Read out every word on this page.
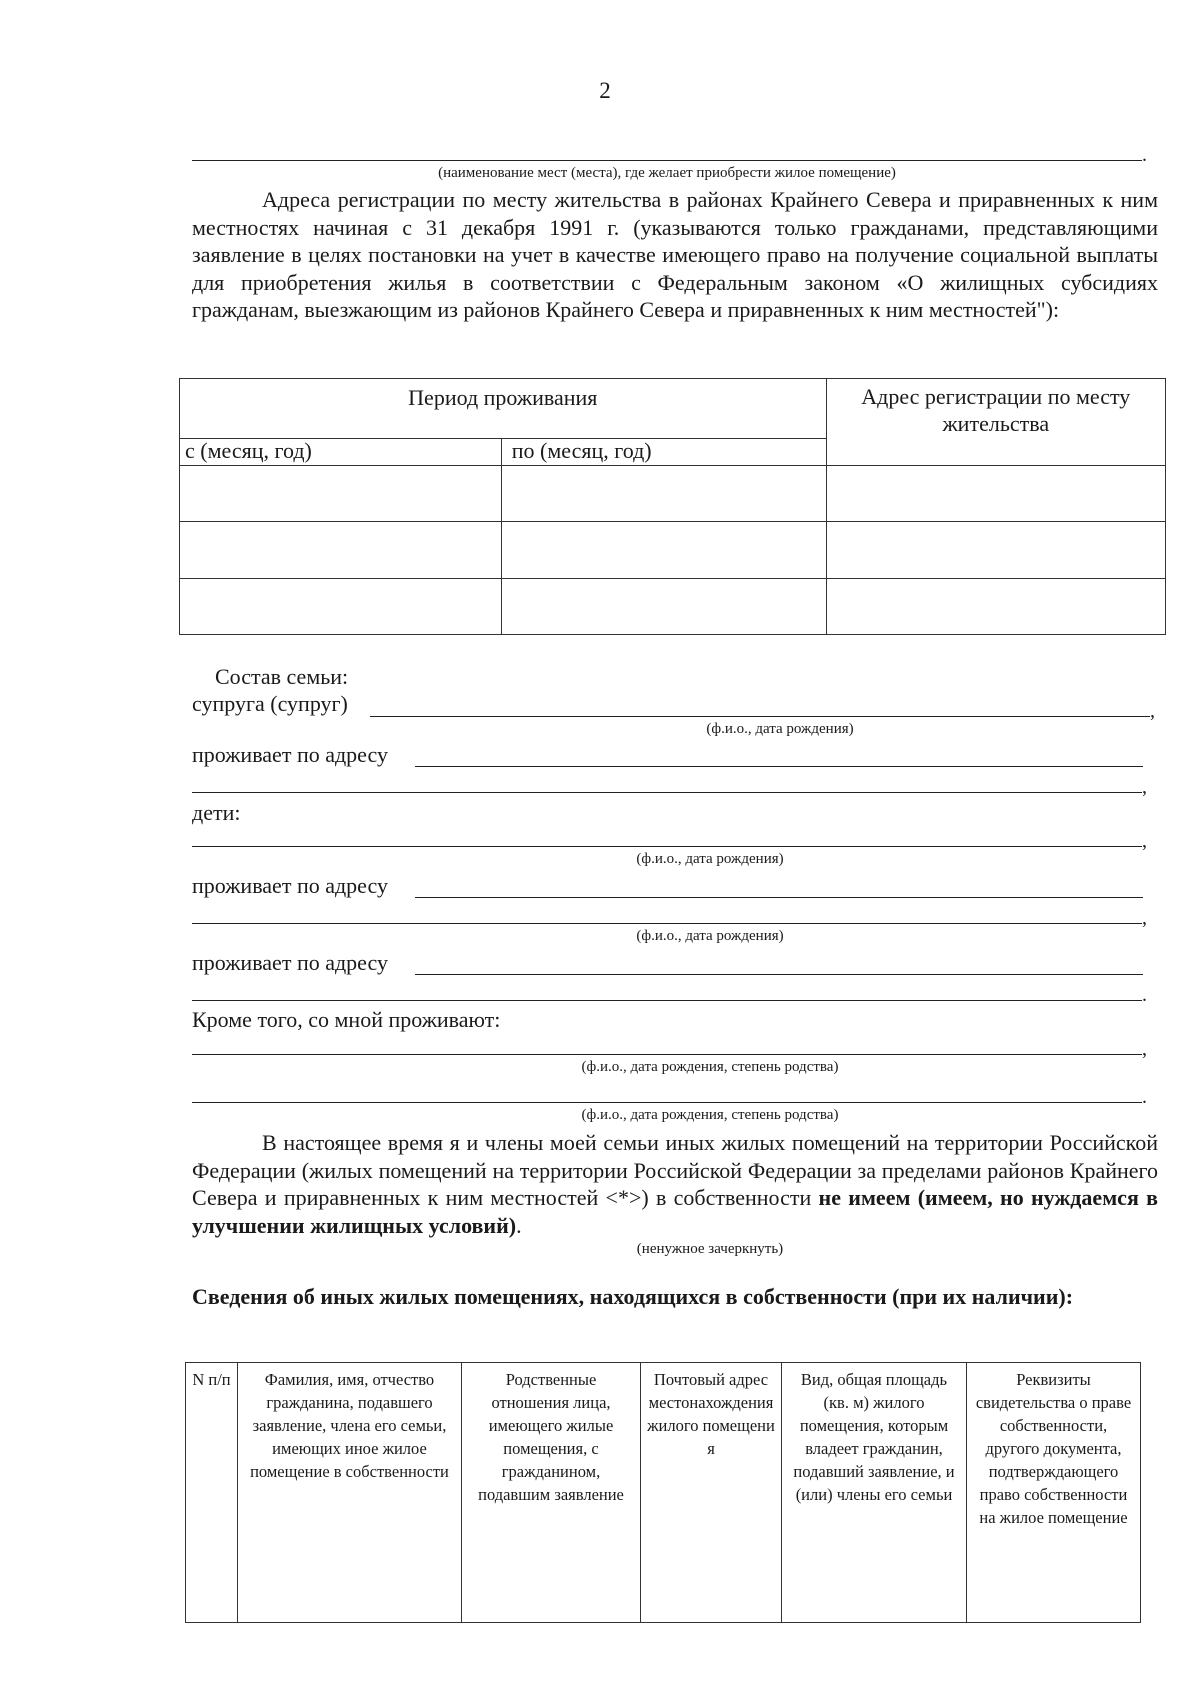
2
.
(наименование мест (места), где желает приобрести жилое помещение)

Адреса регистрации по месту жительства в районах Крайнего Севера и приравненных к ним местностях начиная с 31 декабря 1991 г. (указываются только гражданами, представляющими заявление в целях постановки на учет в качестве имеющего право на получение социальной выплаты для приобретения жилья в соответствии с Федеральным законом «О жилищных субсидиях гражданам, выезжающим из районов Крайнего Севера и приравненных к ним местностей"):

Период проживания		Адрес регистрации по месту жительства
с (месяц, год)	по (месяц, год)	

Состав семьи:
супруга (супруг)	,
(ф.и.о., дата рождения)
проживает по адресу
,
дети:
,
(ф.и.о., дата рождения)
проживает по адресу
,
(ф.и.о., дата рождения)
проживает по адресу
.
Кроме того, со мной проживают:
,
(ф.и.о., дата рождения, степень родства)
.
(ф.и.о., дата рождения, степень родства)

В настоящее время я и члены моей семьи иных жилых помещений на территории Российской Федерации (жилых помещений на территории Российской Федерации за пределами районов Крайнего Севера и приравненных к ним местностей <*>) в собственности не имеем (имеем, но нуждаемся в улучшении жилищных условий).

(ненужное зачеркнуть)
Сведения об иных жилых помещениях, находящихся в собственности (при их наличии):
N п/п	Фамилия, имя, отчество гражданина, подавшего заявление, члена его семьи, имеющих иное жилое помещение в собственности	Родственные отношения лица, имеющего жилые помещения, с гражданином, подавшим заявление	Почтовый адрес местонахождения жилого помещения	Вид, общая площадь (кв. м) жилого помещения, которым владеет гражданин, подавший заявление, и (или) члены его семьи	Реквизиты свидетельства о праве собственности, другого документа, подтверждающего право собственности на жилое помещение
